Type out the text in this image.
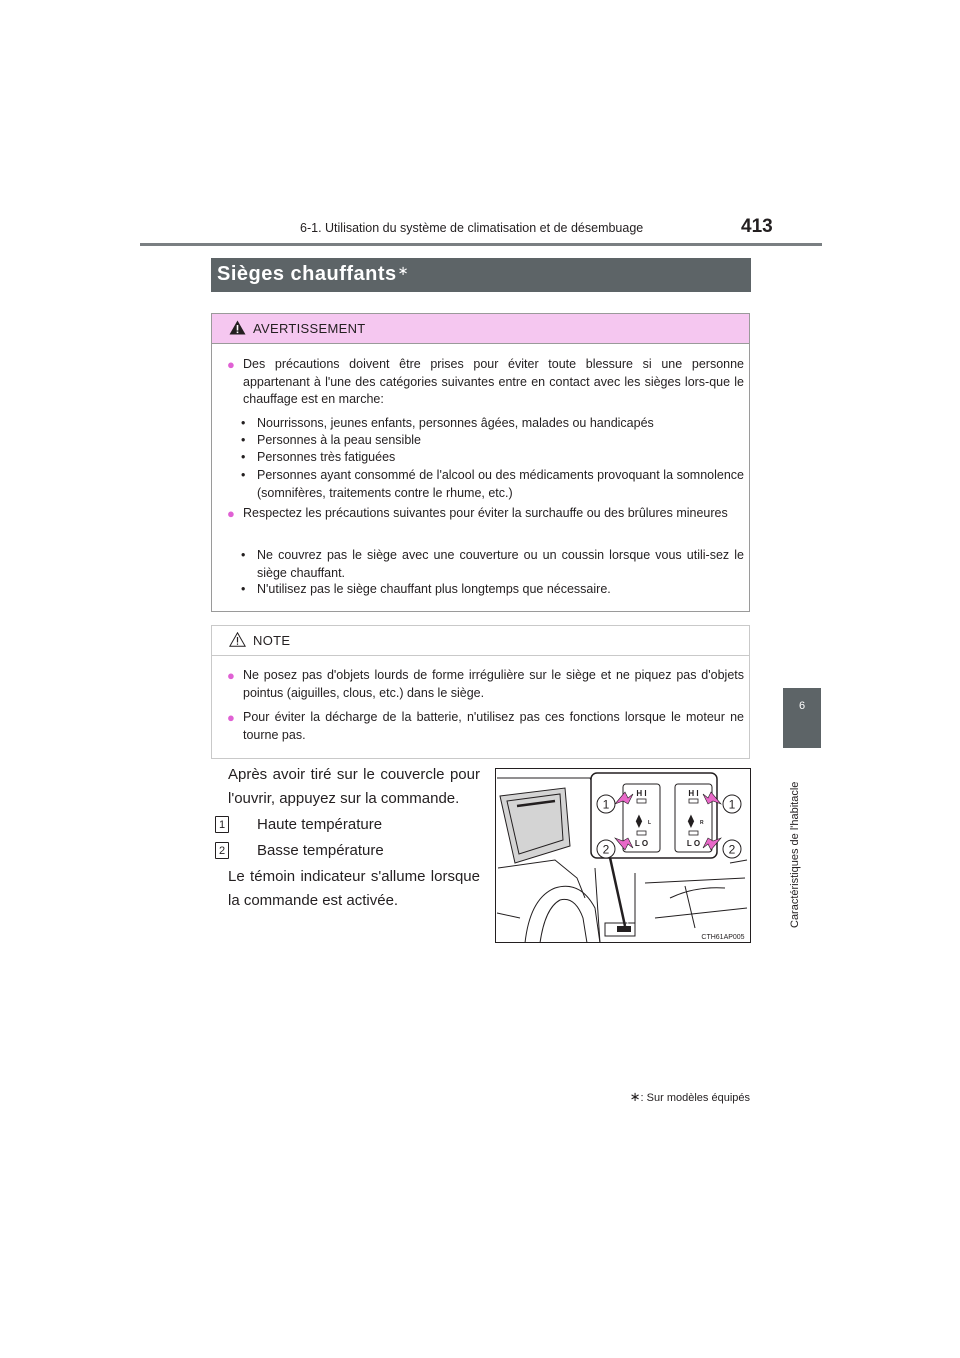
6-1. Utilisation du système de climatisation et de désembuage	413
6
Caractéristiques de l'habitacle
Sièges chauffants∗
AVERTISSEMENT
● Des précautions doivent être prises pour éviter toute blessure si une personne appartenant à l'une des catégories suivantes entre en contact avec les sièges lors-que le chauffage est en marche:
• Nourrissons, jeunes enfants, personnes âgées, malades ou handicapés
• Personnes à la peau sensible
• Personnes très fatiguées
• Personnes ayant consommé de l'alcool ou des médicaments provoquant la somnolence (somnifères, traitements contre le rhume, etc.)
● Respectez les précautions suivantes pour éviter la surchauffe ou des brûlures mineures
• Ne couvrez pas le siège avec une couverture ou un coussin lorsque vous utili-sez le siège chauffant.
• N'utilisez pas le siège chauffant plus longtemps que nécessaire.
NOTE
● Ne posez pas d'objets lourds de forme irrégulière sur le siège et ne piquez pas d'objets pointus (aiguilles, clous, etc.) dans le siège.
● Pour éviter la décharge de la batterie, n'utilisez pas ces fonctions lorsque le moteur ne tourne pas.
Après avoir tiré sur le couvercle pour l'ouvrir, appuyez sur la commande.
1 Haute température
2 Basse température
Le témoin indicateur s'allume lorsque la commande est activée.
H I
⧫ L
L O
H I
⧫ R
L O
1	1
2	2
CTH61AP005
∗: Sur modèles équipés
